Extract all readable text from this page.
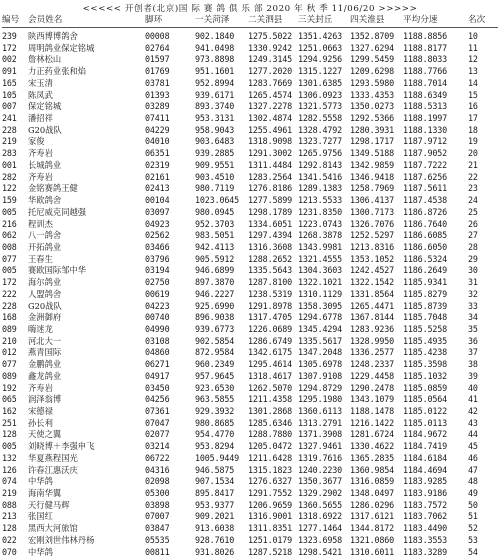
<<<<< 开创者(北京)国 际 赛 鸽 俱 乐 部 2020 年 秋 季 11/06/20 >>>>>
编号 会员姓名	脚环	一关菏泽 二关泗县 三关封丘 四关淮县 平均分速	名次
239 陕西博博鸽舍	00008	902.1840 1275.5022 1351.4263 1352.8709 1188.8856 10
172 周明鸽业保定铭城	02764	941.0498 1330.9242 1251.0663 1327.6294 1188.8177 11
002 詹林松山	01597	973.8898 1249.3145 1294.9256 1299.5459 1188.8033 12
091 力正药业张和焰	01769	951.1601 1277.2020 1315.1227 1209.6298 1188.7766 13
165 宋玉清	03781	952.8994 1283.7669 1301.6385 1293.5980 1188.7014 14
105 陈凤武	01393	939.6171 1265.4574 1306.0923 1333.4353 1188.6349 15
007 保定铭城	03289	893.3740 1327.2278 1321.5773 1350.0273 1188.5313 16
241 潘招祥	07411	953.3131 1302.4874 1282.5558 1292.5366 1188.1997 17
228 G20战队	04229	958.9043 1255.4961 1328.4792 1280.3931 1188.1330 18
219 家俊	04010	903.6483 1318.9098 1323.7277 1298.1717 1187.9712 19
283 齐寿岩	06351	939.2885 1291.3002 1265.9756 1349.5188 1187.9052 20
001 长城鸽业	02319	909.9551 1311.4484 1292.8143 1342.9859 1187.7222 21
282 齐寿岩	02161	903.4510 1283.2564 1341.5416 1346.9418 1187.6256 22
122 金铭赛鸽王健	02413	980.7119 1276.8186 1289.1383 1258.7969 1187.5611 23
159 华欧鸽舍	00104	1023.0645 1277.5899 1213.5533 1306.4137 1187.4538 24
005 托尼威克同越强	03097	980.0945 1298.1789 1231.8350 1300.7173 1186.8726 25
216 程训杰	04923	952.3703 1334.6051 1223.0743 1326.7076 1186.7640 26
062 八一鸽舍	02562	983.5051 1297.4394 1268.3878 1252.5297 1186.6085 27
008 开拓鸽业	03466	942.4113 1316.3608 1343.9981 1213.8316 1186.6050 28
077 王春生	03796	905.5912 1288.2652 1321.4555 1353.1052 1186.5324 29
005 赛欧国际邹中华	03194	946.6899 1335.5643 1304.3603 1242.4527 1186.2649 30
172 海尔鸽业	02750	897.3870 1287.8100 1322.1021 1322.1542 1185.9341 31
222 人盟鸽舍	00619	946.2227 1238.5319 1310.1129 1331.8564 1185.8279 32
228 G20战队	04223	925.6990 1291.8978 1358.3095 1265.4471 1185.8739 33
168 金洲御府	00740	896.9038 1317.4705 1294.6778 1367.8144 1185.7048 34
089 嗨迷龙	04990	939.6773 1226.0689 1345.4294 1283.9236 1185.5258 35
210 河北大一	03108	902.5854 1286.6749 1335.5617 1328.9950 1185.4935 36
012 燕青国际	04860	872.9584 1342.6175 1347.2048 1336.2577 1185.4238 37
077 金鹏鸽业	06271	960.2349 1295.4614 1305.6978 1248.2337 1185.3598 38
089 鑫龙鸽业	04917	957.9645 1318.4617 1307.9108 1229.4458 1185.1032 39
192 齐寿岩	03450	923.6530 1262.5070 1294.8729 1290.2478 1185.0859 40
065 润泽翁博	04256	963.5855 1211.4358 1295.1980 1343.1079 1185.0564 41
162 宋德禄	07361	929.3932 1301.2868 1360.6113 1188.1478 1185.0122 42
251 孙长利	07047	980.8685 1285.6346 1313.2791 1216.1422 1185.0113 43
128 天使之翼	02077	954.4770 1288.7880 1371.3908 1281.6724 1184.9672 44
005 刘晓博＋李强申飞	03214	953.8294 1205.0472 1327.9461 1330.4622 1184.7419 45
132 华夏燕程国光	06722	1005.9449 1211.6428 1319.7616 1365.2835 1184.6184 46
126 许春江惠沃庆	04316	946.5875 1315.1823 1240.2230 1360.9854 1184.4694 47
074 中华鸽	02098	907.1534 1276.6327 1350.3677 1316.0859 1183.9285 48
219 海南华翼	05300	895.8417 1291.7552 1329.2902 1348.0497 1183.9186 49
088 天行健马辉	03898	953.9377 1206.9659 1360.5655 1286.0296 1183.7572 50
213 张国红	07007	909.2021 1316.9001 1318.6922 1317.6121 1183.7062 51
128 黑西大河旅馆	03847	913.6038 1311.8351 1277.1464 1344.8172 1183.4490 52
022 宏刚刘世伟林丹杨	05535	928.7610 1251.0179 1323.6958 1321.0860 1183.3553 53
070 中华鸽	00811	931.8026 1287.5218 1298.5421 1310.6011 1183.3289 54
